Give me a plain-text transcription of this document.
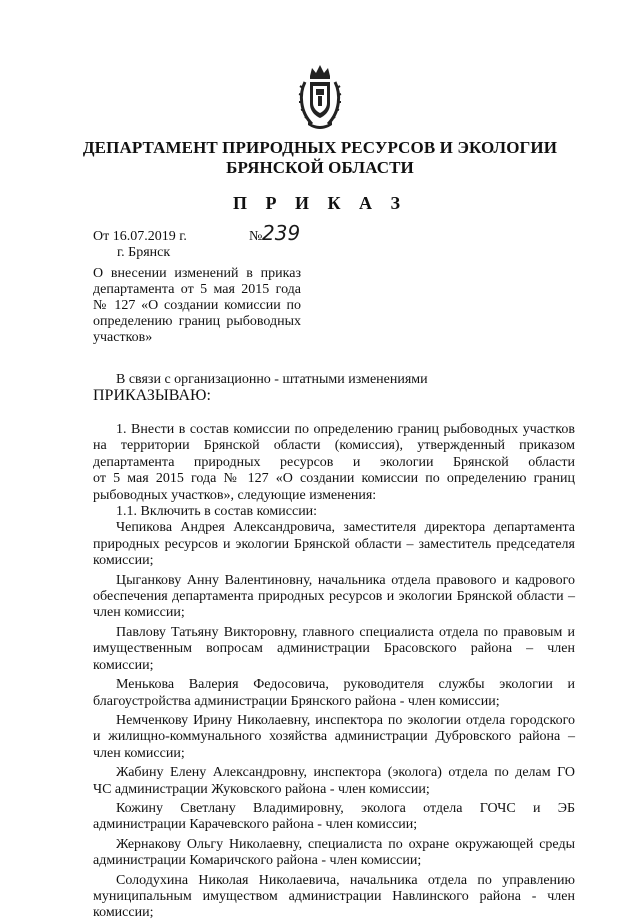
ДЕПАРТАМЕНТ ПРИРОДНЫХ РЕСУРСОВ И ЭКОЛОГИИ
БРЯНСКОЙ ОБЛАСТИ
П Р И К А З
От 16.07.2019 г.
г. Брянск
№ 239
О внесении изменений в приказ
департамента от 5 мая 2015 года
№ 127 «О создании комиссии по
определению границ рыбоводных
участков»
В связи с организационно - штатными изменениями
ПРИКАЗЫВАЮ:
1. Внести в состав комиссии по определению границ рыбоводных участков
на территории Брянской области (комиссия), утвержденный приказом
департамента природных ресурсов и экологии Брянской области
от 5 мая 2015 года № 127 «О создании комиссии по определению границ
рыбоводных участков», следующие изменения:
1.1. Включить в состав комиссии:
Чепикова Андрея Александровича, заместителя директора департамента
природных ресурсов и экологии Брянской области – заместитель председателя
комиссии;
Цыганкову Анну Валентиновну, начальника отдела правового и кадрового
обеспечения департамента природных ресурсов и экологии Брянской области –
член комиссии;
Павлову Татьяну Викторовну, главного специалиста отдела по правовым и
имущественным вопросам администрации Брасовского района – член
комиссии;
Менькова Валерия Федосовича, руководителя службы экологии и
благоустройства администрации Брянского района - член комиссии;
Немченкову Ирину Николаевну, инспектора по экологии отдела городского
и жилищно-коммунального хозяйства администрации Дубровского района –
член комиссии;
Жабину Елену Александровну, инспектора (эколога) отдела по делам ГО
ЧС администрации Жуковского района - член комиссии;
Кожину Светлану Владимировну, эколога отдела ГОЧС и ЭБ
администрации Карачевского района - член комиссии;
Жернакову Ольгу Николаевну, специалиста по охране окружающей среды
администрации Комаричского района - член комиссии;
Солодухина Николая Николаевича, начальника отдела по управлению
муниципальным имуществом администрации Навлинского района - член
комиссии;
